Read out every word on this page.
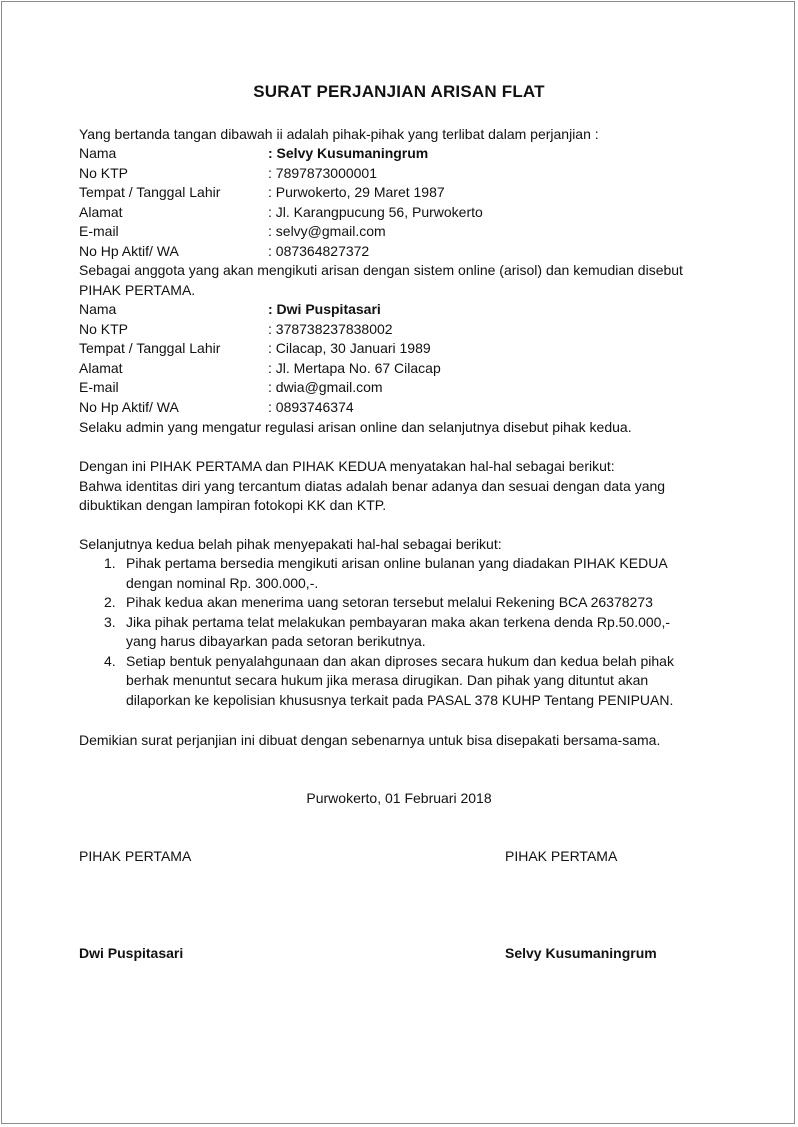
SURAT PERJANJIAN ARISAN FLAT
Yang bertanda tangan dibawah ii adalah pihak-pihak yang terlibat dalam perjanjian :
Nama	: Selvy Kusumaningrum
No KTP	: 7897873000001
Tempat / Tanggal Lahir	: Purwokerto, 29 Maret 1987
Alamat	: Jl. Karangpucung 56, Purwokerto
E-mail	: selvy@gmail.com
No Hp Aktif/ WA	: 087364827372
Sebagai anggota yang akan mengikuti arisan dengan sistem online (arisol) dan kemudian disebut
PIHAK PERTAMA.
Nama	: Dwi Puspitasari
No KTP	: 378738237838002
Tempat / Tanggal Lahir	: Cilacap, 30 Januari 1989
Alamat	: Jl. Mertapa No. 67 Cilacap
E-mail	: dwia@gmail.com
No Hp Aktif/ WA	: 0893746374
Selaku admin yang mengatur regulasi arisan online dan selanjutnya disebut pihak kedua.
Dengan ini PIHAK PERTAMA dan PIHAK KEDUA menyatakan hal-hal sebagai berikut:
Bahwa identitas diri yang tercantum diatas adalah benar adanya dan sesuai dengan data yang
dibuktikan dengan lampiran fotokopi KK dan KTP.
Selanjutnya kedua belah pihak menyepakati hal-hal sebagai berikut:
1. Pihak pertama bersedia mengikuti arisan online bulanan yang diadakan PIHAK KEDUA
dengan nominal Rp. 300.000,-.
2. Pihak kedua akan menerima uang setoran tersebut melalui Rekening BCA 26378273
3. Jika pihak pertama telat melakukan pembayaran maka akan terkena denda Rp.50.000,-
yang harus dibayarkan pada setoran berikutnya.
4. Setiap bentuk penyalahgunaan dan akan diproses secara hukum dan kedua belah pihak
berhak menuntut secara hukum jika merasa dirugikan. Dan pihak yang dituntut akan
dilaporkan ke kepolisian khususnya terkait pada PASAL 378 KUHP Tentang PENIPUAN.
Demikian surat perjanjian ini dibuat dengan sebenarnya untuk bisa disepakati bersama-sama.
Purwokerto, 01 Februari 2018
PIHAK PERTAMA	PIHAK PERTAMA
Dwi Puspitasari	Selvy Kusumaningrum
